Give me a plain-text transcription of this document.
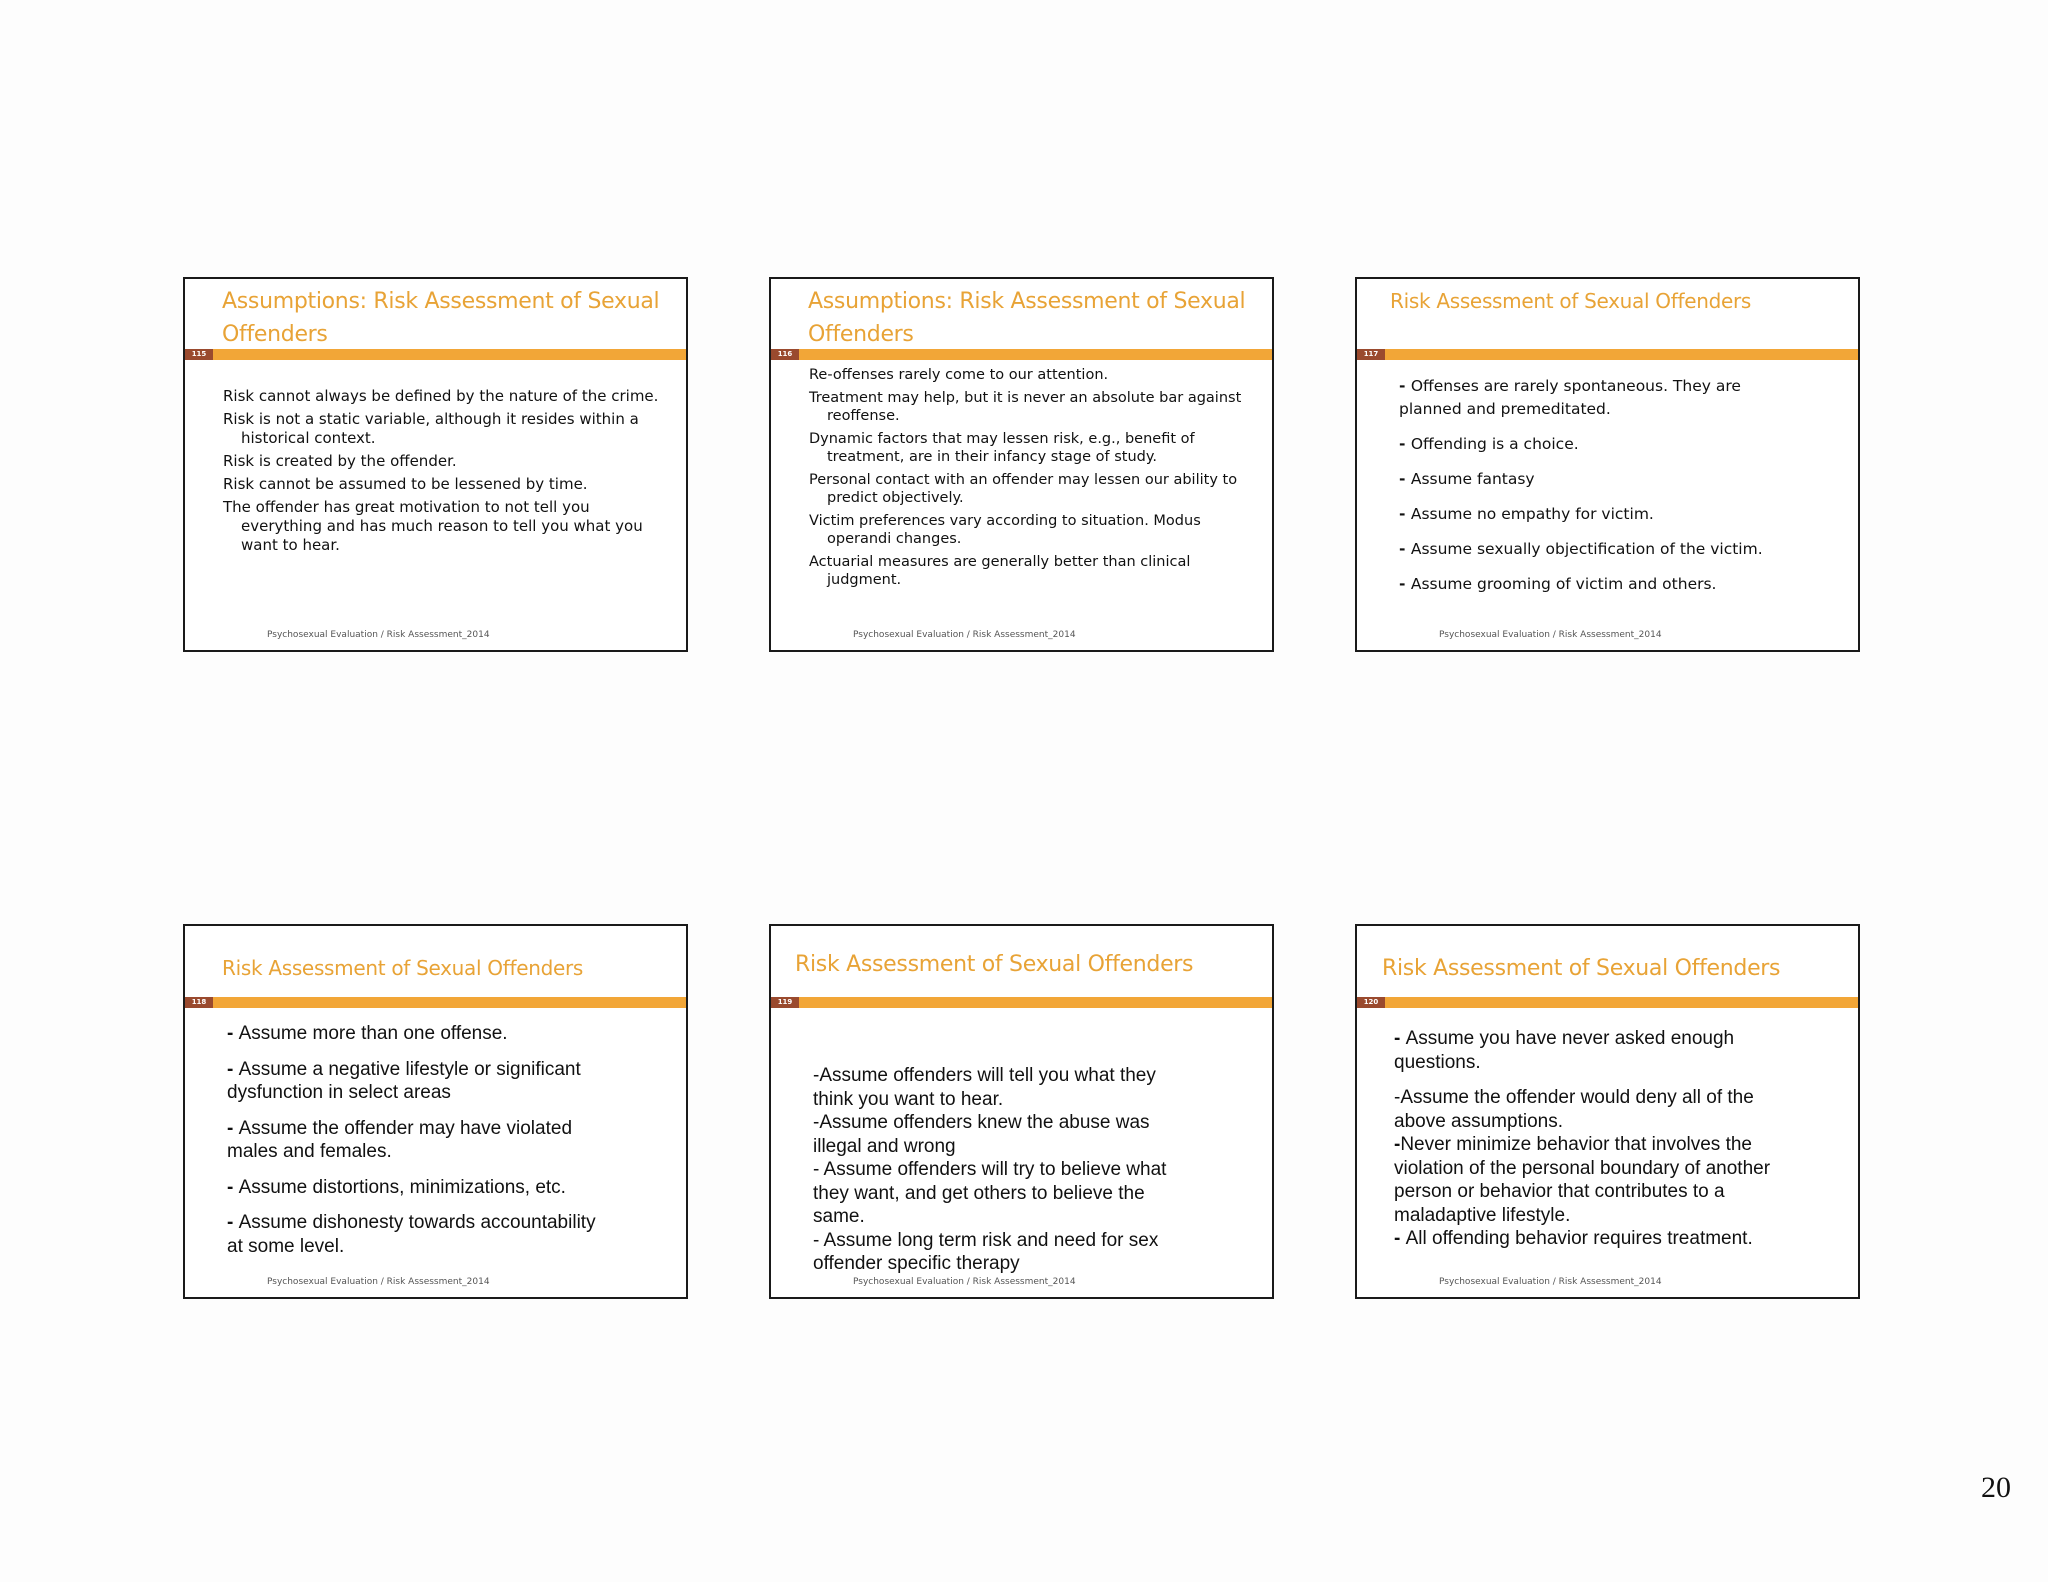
Assumptions: Risk Assessment of Sexual Offenders
115

Risk cannot always be defined by the nature of the crime.

Risk is not a static variable, although it resides within a historical context.

Risk is created by the offender.

Risk cannot be assumed to be lessened by time.

The offender has great motivation to not tell you everything and has much reason to tell you what you want to hear.

Psychosexual Evaluation / Risk Assessment_2014
Assumptions: Risk Assessment of Sexual Offenders
116

Re-offenses rarely come to our attention.

Treatment may help, but it is never an absolute bar against reoffense.

Dynamic factors that may lessen risk, e.g., benefit of treatment, are in their infancy stage of study.

Personal contact with an offender may lessen our ability to predict objectively.

Victim preferences vary according to situation. Modus operandi changes.

Actuarial measures are generally better than clinical judgment.

Psychosexual Evaluation / Risk Assessment_2014
Risk Assessment of Sexual Offenders
117

- Offenses are rarely spontaneous. They are planned and premeditated.

- Offending is a choice.

- Assume fantasy

- Assume no empathy for victim.

- Assume sexually objectification of the victim.

- Assume grooming of victim and others.

Psychosexual Evaluation / Risk Assessment_2014
Risk Assessment of Sexual Offenders
118

- Assume more than one offense.

- Assume a negative lifestyle or significant dysfunction in select areas

- Assume the offender may have violated males and females.

- Assume distortions, minimizations, etc.

- Assume dishonesty towards accountability at some level.

Psychosexual Evaluation / Risk Assessment_2014
Risk Assessment of Sexual Offenders
119

-Assume offenders will tell you what they think you want to hear.

-Assume offenders knew the abuse was illegal and wrong

- Assume offenders will try to believe what they want, and get others to believe the same.

- Assume long term risk and need for sex offender specific therapy

Psychosexual Evaluation / Risk Assessment_2014
Risk Assessment of Sexual Offenders
120

- Assume you have never asked enough questions.

-Assume the offender would deny all of the above assumptions.

-Never minimize behavior that involves the violation of the personal boundary of another person or behavior that contributes to a maladaptive lifestyle.

- All offending behavior requires treatment.

Psychosexual Evaluation / Risk Assessment_2014
20
